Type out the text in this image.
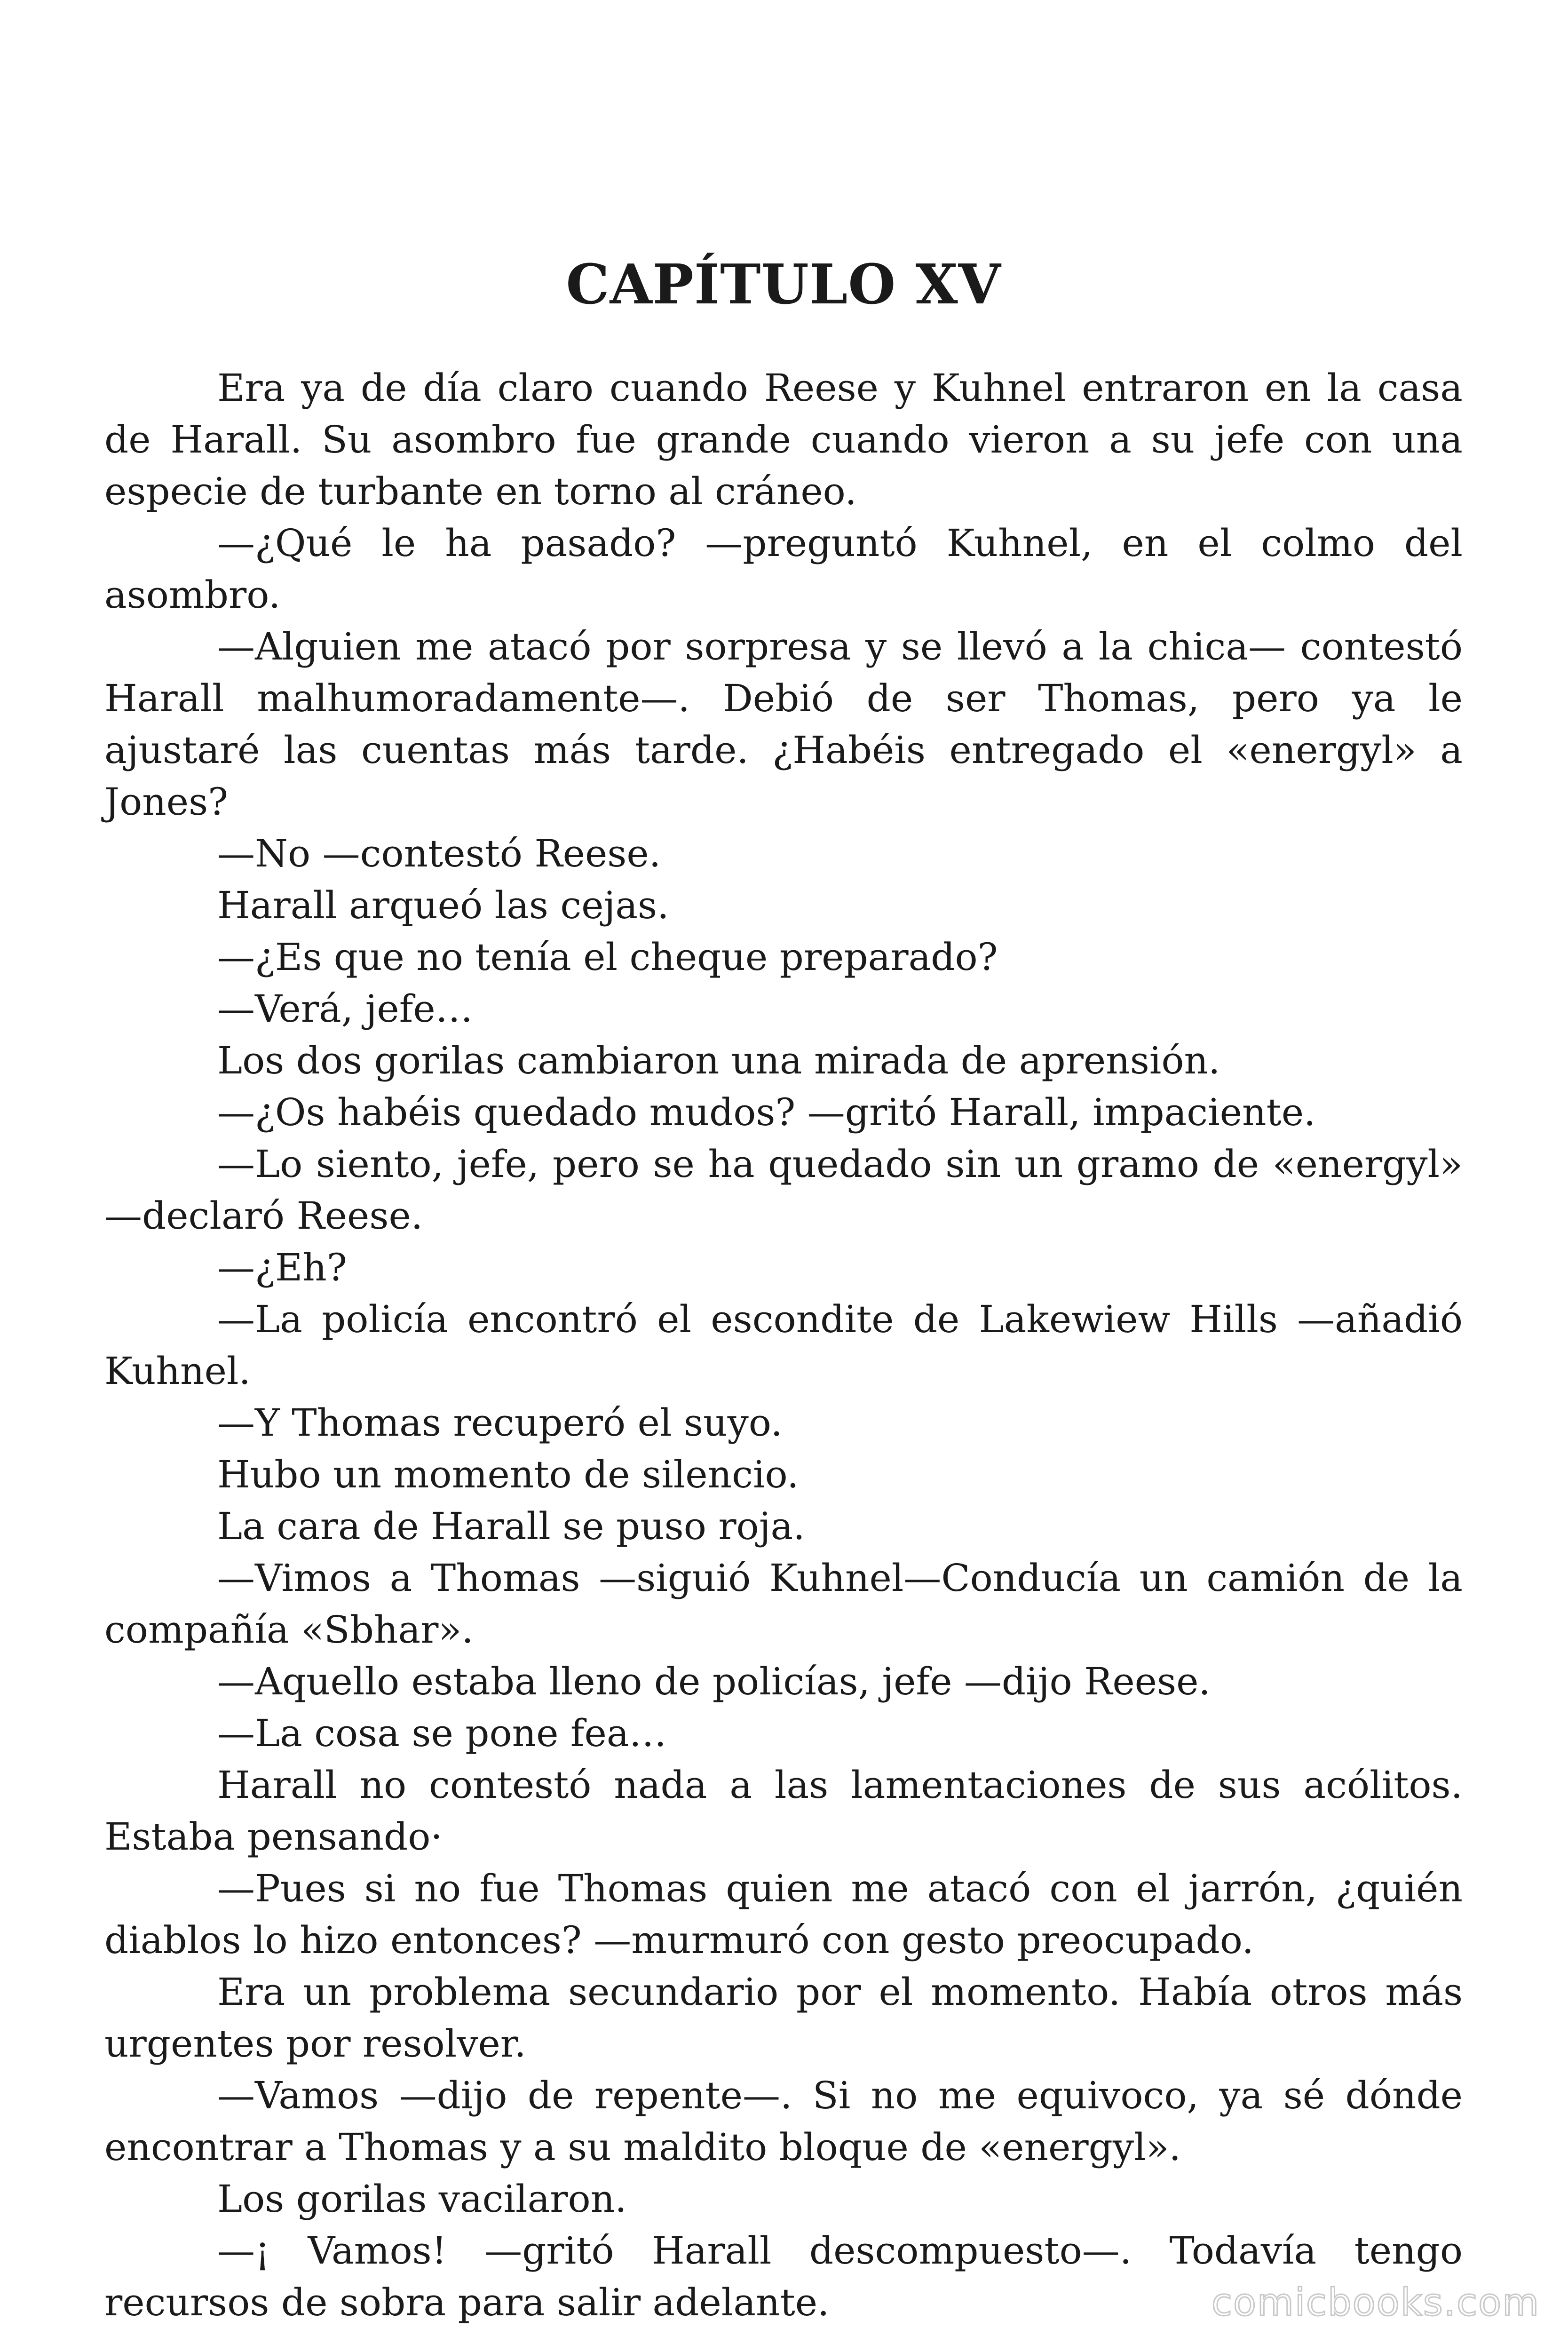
CAPÍTULO XV

Era ya de día claro cuando Reese y Kuhnel entraron en la casa de Harall. Su asombro fue grande cuando vieron a su jefe con una especie de turbante en torno al cráneo.

—¿Qué le ha pasado? —preguntó Kuhnel, en el colmo del asombro.

—Alguien me atacó por sorpresa y se llevó a la chica— contestó Harall malhumoradamente—. Debió de ser Thomas, pero ya le ajustaré las cuentas más tarde. ¿Habéis entregado el «energyl» a Jones?

—No —contestó Reese.

Harall arqueó las cejas.

—¿Es que no tenía el cheque preparado?

—Verá, jefe…

Los dos gorilas cambiaron una mirada de aprensión.

—¿Os habéis quedado mudos? —gritó Harall, impaciente.

—Lo siento, jefe, pero se ha quedado sin un gramo de «energyl» —declaró Reese.

—¿Eh?

—La policía encontró el escondite de Lakewiew Hills —añadió Kuhnel.

—Y Thomas recuperó el suyo.

Hubo un momento de silencio.

La cara de Harall se puso roja.

—Vimos a Thomas —siguió Kuhnel—Conducía un camión de la compañía «Sbhar».

—Aquello estaba lleno de policías, jefe —dijo Reese.

—La cosa se pone fea…

Harall no contestó nada a las lamentaciones de sus acólitos. Estaba pensando·

—Pues si no fue Thomas quien me atacó con el jarrón, ¿quién diablos lo hizo entonces? —murmuró con gesto preocupado.

Era un problema secundario por el momento. Había otros más urgentes por resolver.

—Vamos —dijo de repente—. Si no me equivoco, ya sé dónde encontrar a Thomas y a su maldito bloque de «energyl».

Los gorilas vacilaron.

—¡ Vamos! —gritó Harall descompuesto—. Todavía tengo recursos de sobra para salir adelante.	comicbooks.com
